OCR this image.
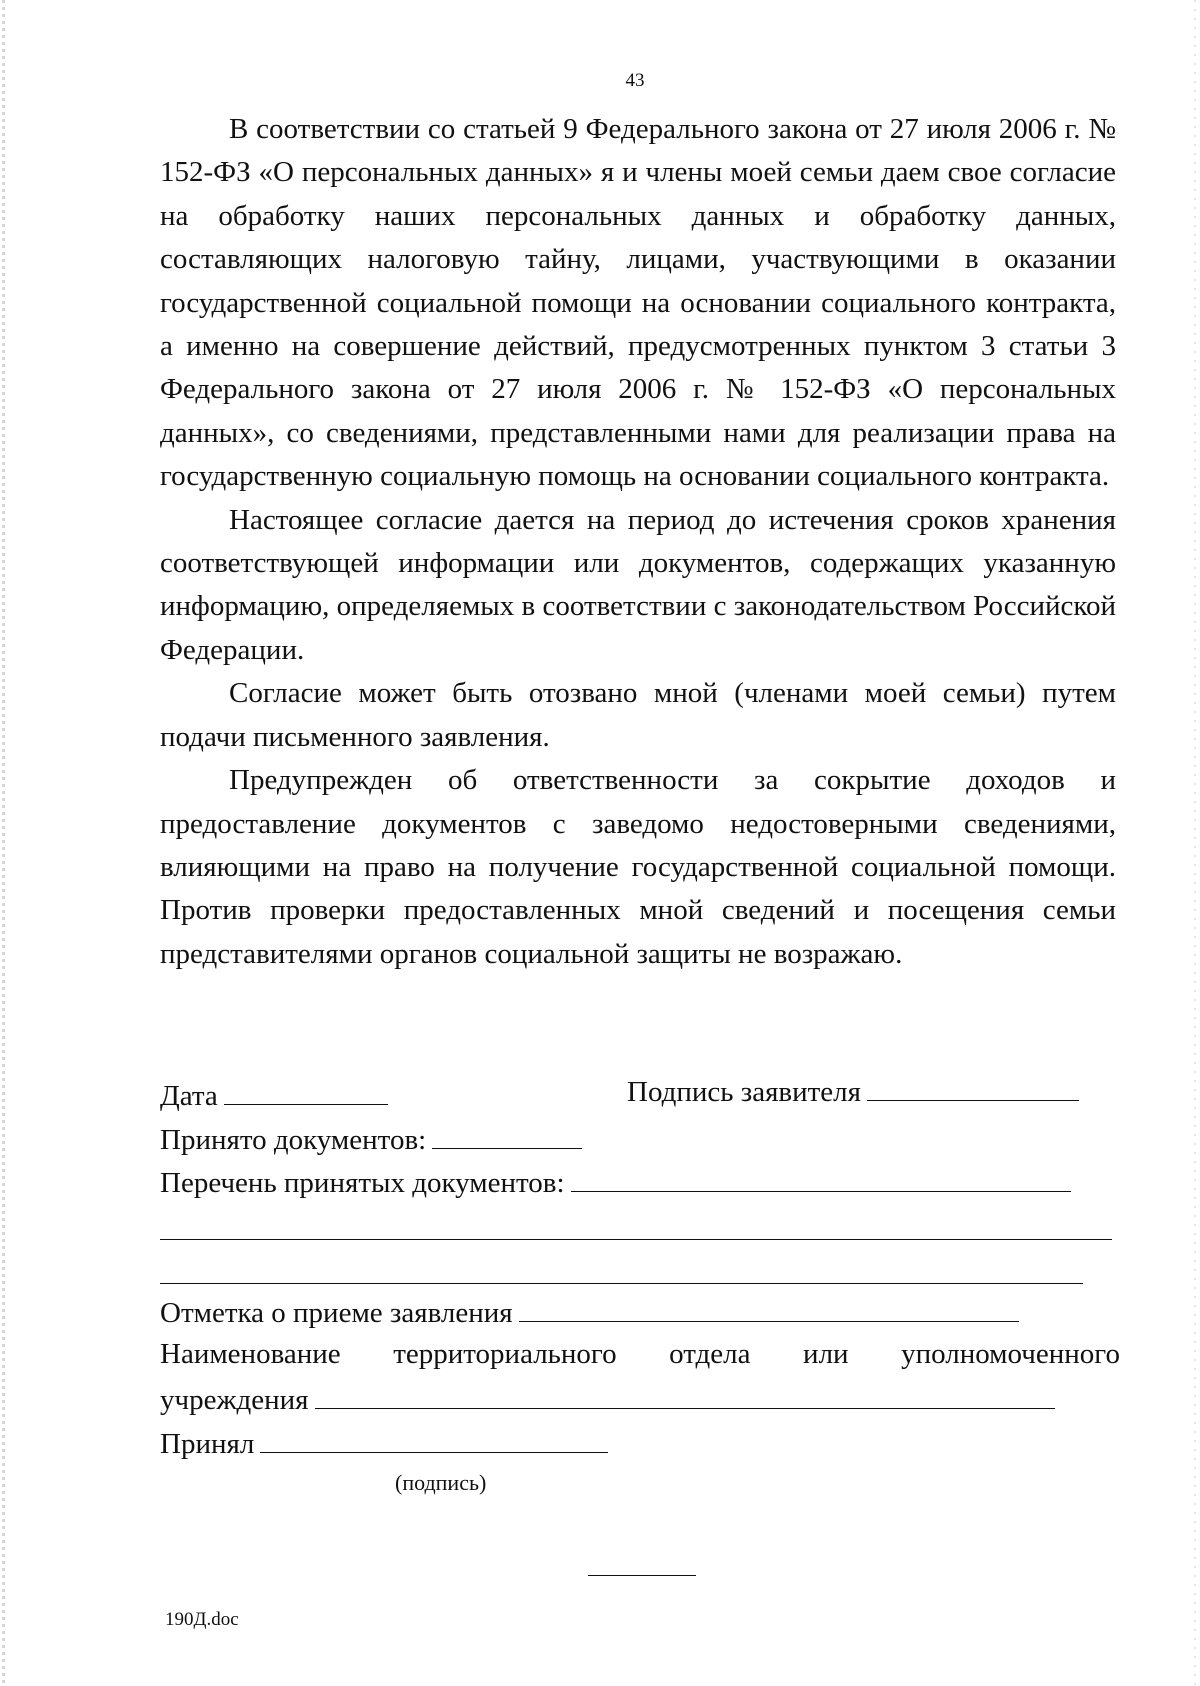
43

В соответствии со статьей 9 Федерального закона от 27 июля 2006 г. № 152-ФЗ «О персональных данных» я и члены моей семьи даем свое согласие на обработку наших персональных данных и обработку данных, составляющих налоговую тайну, лицами, участвующими в оказании государственной социальной помощи на основании социального контракта, а именно на совершение действий, предусмотренных пунктом 3 статьи 3 Федерального закона от 27 июля 2006 г. № 152-ФЗ «О персональных данных», со сведениями, представленными нами для реализации права на государственную социальную помощь на основании социального контракта.

Настоящее согласие дается на период до истечения сроков хранения соответствующей информации или документов, содержащих указанную информацию, определяемых в соответствии с законодательством Российской Федерации.

Согласие может быть отозвано мной (членами моей семьи) путем подачи письменного заявления.

Предупрежден об ответственности за сокрытие доходов и предоставление документов с заведомо недостоверными сведениями, влияющими на право на получение государственной социальной помощи. Против проверки предоставленных мной сведений и посещения семьи представителями органов социальной защиты не возражаю.

Дата	Подпись заявителя
Принято документов:
Перечень принятых документов:
Отметка о приеме заявления
Наименование территориального отдела или уполномоченного
учреждения
Принял
(подпись)
190Д.doc
